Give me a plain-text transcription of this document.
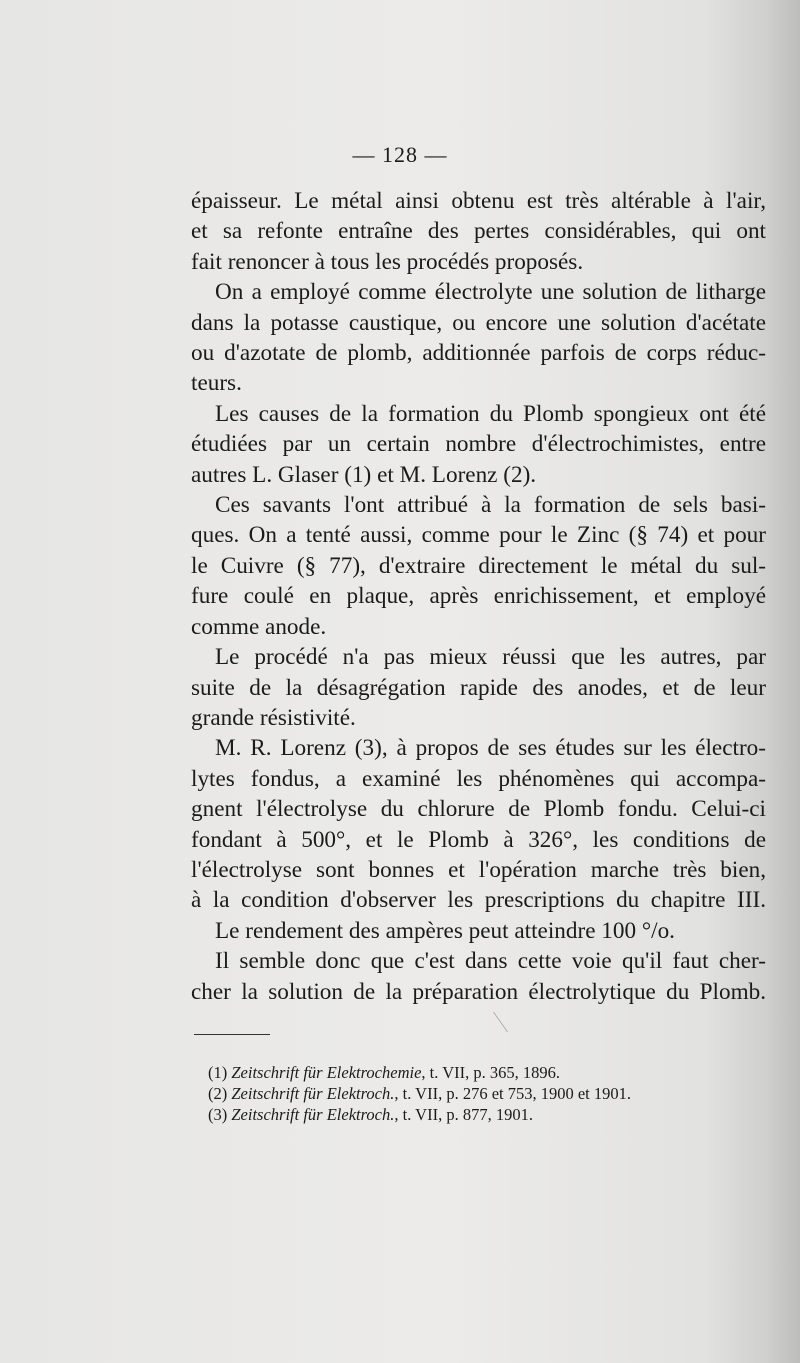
— 128 —
épaisseur. Le métal ainsi obtenu est très altérable à l'air,
et sa refonte entraîne des pertes considérables, qui ont
fait renoncer à tous les procédés proposés.
On a employé comme électrolyte une solution de litharge
dans la potasse caustique, ou encore une solution d'acétate
ou d'azotate de plomb, additionnée parfois de corps réduc-
teurs.
Les causes de la formation du Plomb spongieux ont été
étudiées par un certain nombre d'électrochimistes, entre
autres L. Glaser (1) et M. Lorenz (2).
Ces savants l'ont attribué à la formation de sels basi-
ques. On a tenté aussi, comme pour le Zinc (§ 74) et pour
le Cuivre (§ 77), d'extraire directement le métal du sul-
fure coulé en plaque, après enrichissement, et employé
comme anode.
Le procédé n'a pas mieux réussi que les autres, par
suite de la désagrégation rapide des anodes, et de leur
grande résistivité.
M. R. Lorenz (3), à propos de ses études sur les électro-
lytes fondus, a examiné les phénomènes qui accompa-
gnent l'électrolyse du chlorure de Plomb fondu. Celui-ci
fondant à 500°, et le Plomb à 326°, les conditions de
l'électrolyse sont bonnes et l'opération marche très bien,
à la condition d'observer les prescriptions du chapitre III.
Le rendement des ampères peut atteindre 100 °/o.
Il semble donc que c'est dans cette voie qu'il faut cher-
cher la solution de la préparation électrolytique du Plomb.
(1) Zeitschrift für Elektrochemie, t. VII, p. 365, 1896.
(2) Zeitschrift für Elektroch., t. VII, p. 276 et 753, 1900 et 1901.
(3) Zeitschrift für Elektroch., t. VII, p. 877, 1901.
